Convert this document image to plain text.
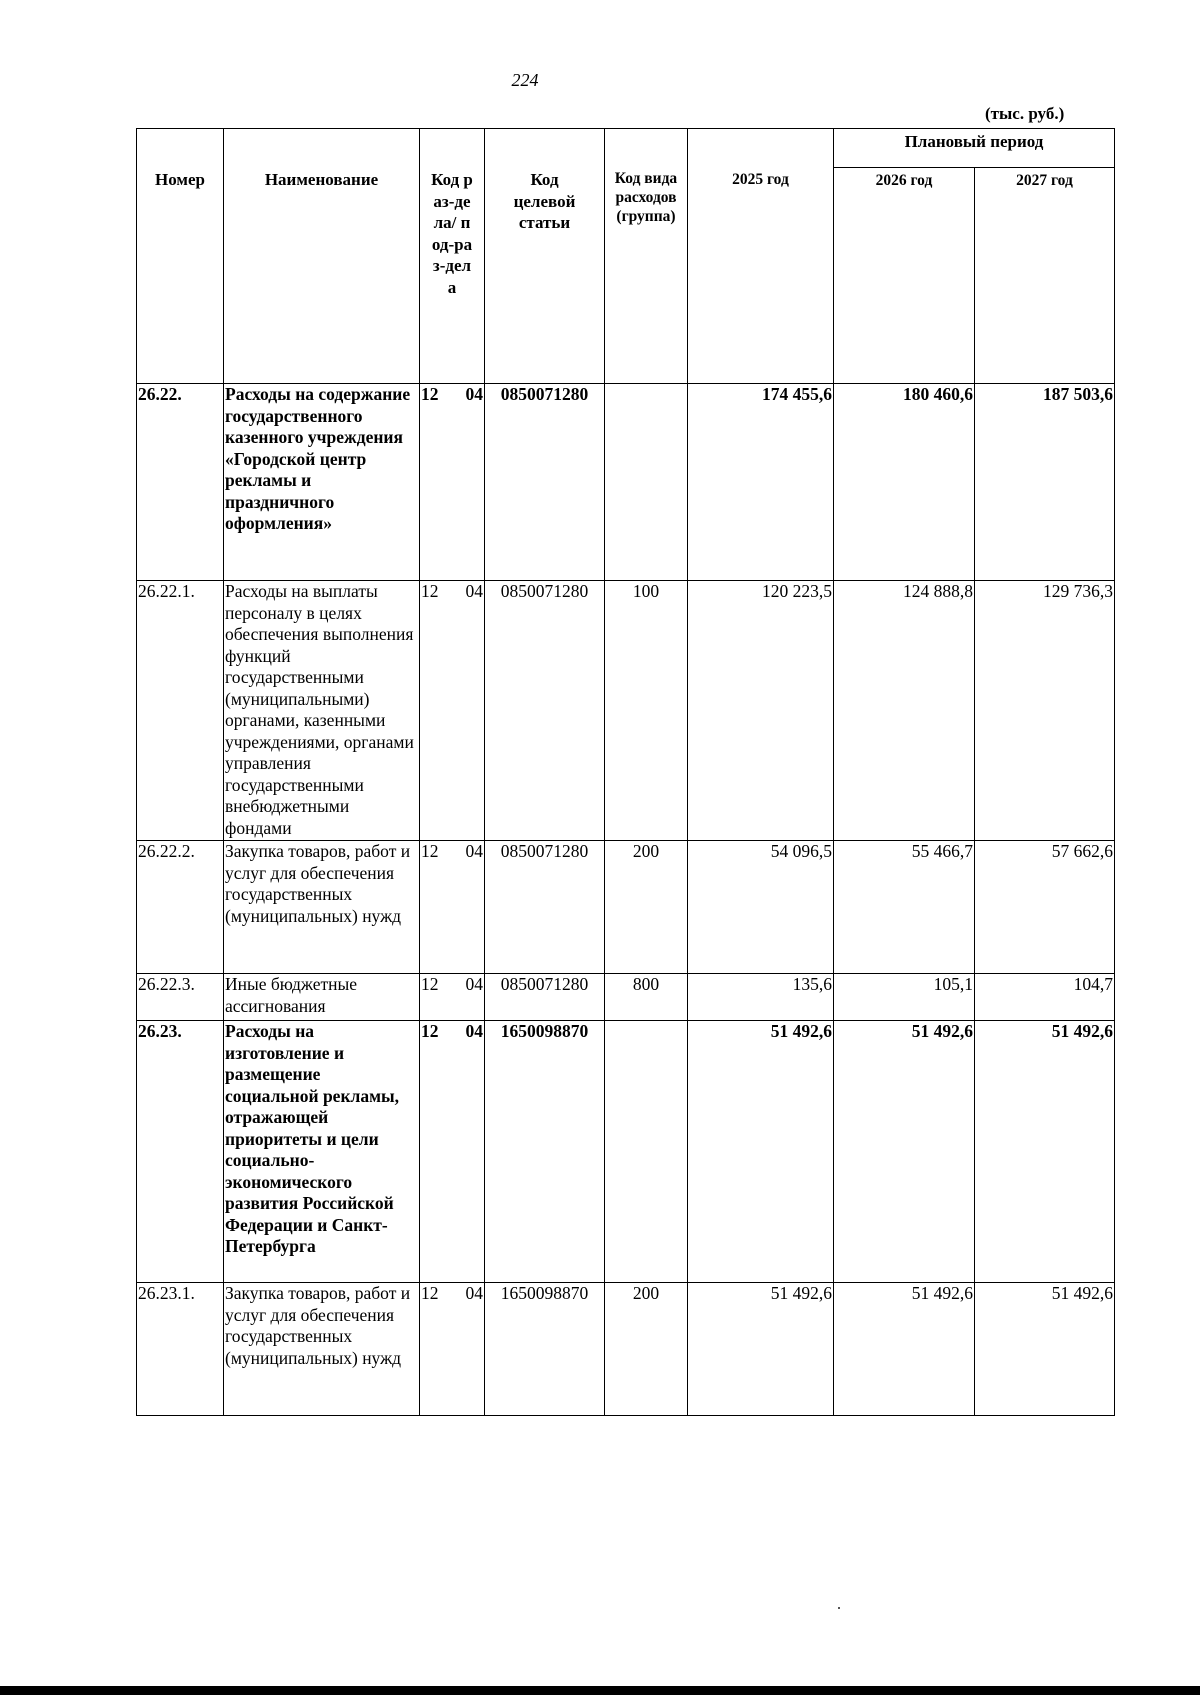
224
(тыс. руб.)
Номер	Наименование	Код раз-дела/ под-раз-дела	Код целевой статьи	Код вида расходов (группа)	2025 год	Плановый период	
						2026 год	2027 год
26.22.	Расходы на содержание государственного казенного учреждения «Городской центр рекламы и праздничного оформления»	12 04	0850071280		174 455,6	180 460,6	187 503,6
26.22.1.	Расходы на выплаты персоналу в целях обеспечения выполнения функций государственными (муниципальными) органами, казенными учреждениями, органами управления государственными внебюджетными фондами	12 04	0850071280	100	120 223,5	124 888,8	129 736,3
26.22.2.	Закупка товаров, работ и услуг для обеспечения государственных (муниципальных) нужд	12 04	0850071280	200	54 096,5	55 466,7	57 662,6
26.22.3.	Иные бюджетные ассигнования	12 04	0850071280	800	135,6	105,1	104,7
26.23.	Расходы на изготовление и размещение социальной рекламы, отражающей приоритеты и цели социально-экономического развития Российской Федерации и Санкт-Петербурга	12 04	1650098870		51 492,6	51 492,6	51 492,6
26.23.1.	Закупка товаров, работ и услуг для обеспечения государственных (муниципальных) нужд	12 04	1650098870	200	51 492,6	51 492,6	51 492,6
